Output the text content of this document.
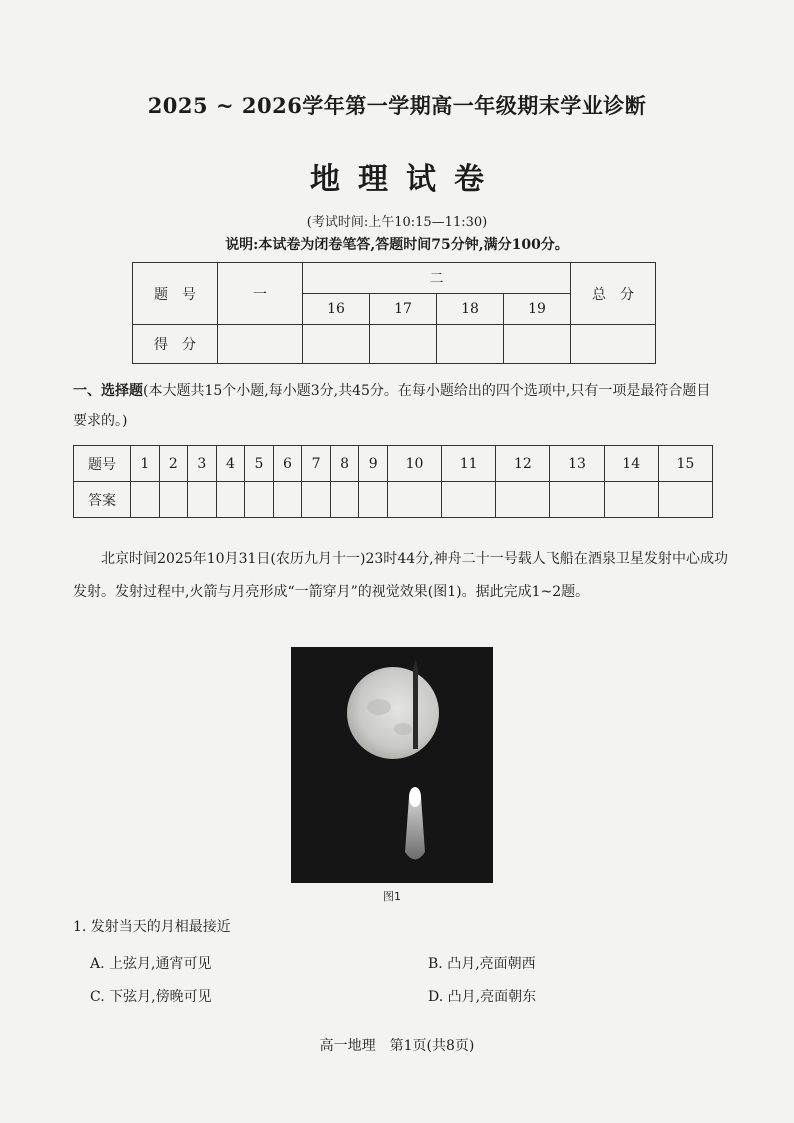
2025 ~ 2026学年第一学期高一年级期末学业诊断
地理试卷
(考试时间:上午10:15—11:30)
说明:本试卷为闭卷笔答,答题时间75分钟,满分100分。
题　号	一	二				总　分
		16	17	18	19	
得　分						
一、选择题(本大题共15个小题,每小题3分,共45分。在每小题给出的四个选项中,只有一项是最符合题目要求的。)
题号	1	2	3	4	5	6	7	8	9	10	11	12	13	14	15
答案															
北京时间2025年10月31日(农历九月十一)23时44分,神舟二十一号载人飞船在酒泉卫星发射中心成功发射。发射过程中,火箭与月亮形成“一箭穿月”的视觉效果(图1)。据此完成1~2题。
图1
1. 发射当天的月相最接近
A. 上弦月,通宵可见	B. 凸月,亮面朝西
C. 下弦月,傍晚可见	D. 凸月,亮面朝东
高一地理　第1页(共8页)
